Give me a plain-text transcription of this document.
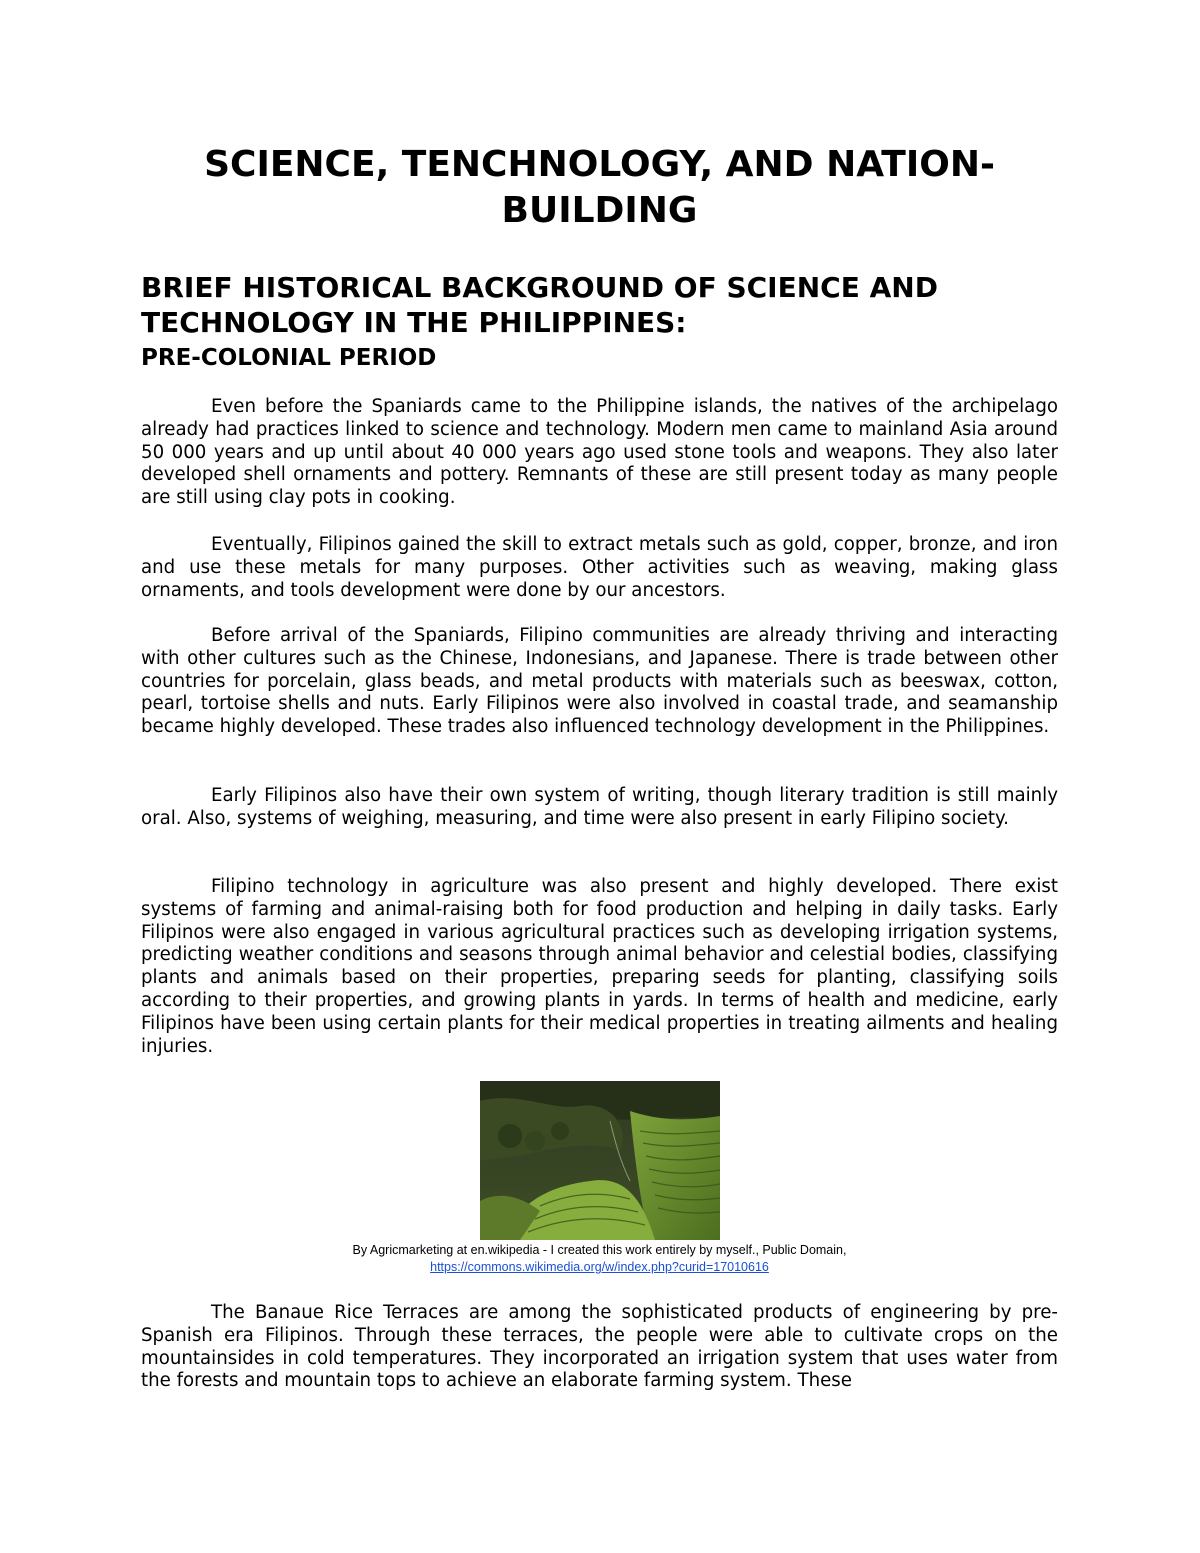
SCIENCE, TENCHNOLOGY, AND NATION-BUILDING
BRIEF HISTORICAL BACKGROUND OF SCIENCE AND TECHNOLOGY IN THE PHILIPPINES:
PRE-COLONIAL PERIOD

Even before the Spaniards came to the Philippine islands, the natives of the archipelago already had practices linked to science and technology. Modern men came to mainland Asia around 50 000 years and up until about 40 000 years ago used stone tools and weapons. They also later developed shell ornaments and pottery. Remnants of these are still present today as many people are still using clay pots in cooking.

Eventually, Filipinos gained the skill to extract metals such as gold, copper, bronze, and iron and use these metals for many purposes. Other activities such as weaving, making glass ornaments, and tools development were done by our ancestors.

Before arrival of the Spaniards, Filipino communities are already thriving and interacting with other cultures such as the Chinese, Indonesians, and Japanese. There is trade between other countries for porcelain, glass beads, and metal products with materials such as beeswax, cotton, pearl, tortoise shells and nuts. Early Filipinos were also involved in coastal trade, and seamanship became highly developed. These trades also influenced technology development in the Philippines.

Early Filipinos also have their own system of writing, though literary tradition is still mainly oral. Also, systems of weighing, measuring, and time were also present in early Filipino society.

Filipino technology in agriculture was also present and highly developed. There exist systems of farming and animal-raising both for food production and helping in daily tasks. Early Filipinos were also engaged in various agricultural practices such as developing irrigation systems, predicting weather conditions and seasons through animal behavior and celestial bodies, classifying plants and animals based on their properties, preparing seeds for planting, classifying soils according to their properties, and growing plants in yards. In terms of health and medicine, early Filipinos have been using certain plants for their medical properties in treating ailments and healing injuries.

By Agricmarketing at en.wikipedia - I created this work entirely by myself., Public Domain,
https://commons.wikimedia.org/w/index.php?curid=17010616

The Banaue Rice Terraces are among the sophisticated products of engineering by pre-Spanish era Filipinos. Through these terraces, the people were able to cultivate crops on the mountainsides in cold temperatures. They incorporated an irrigation system that uses water from the forests and mountain tops to achieve an elaborate farming system. These
